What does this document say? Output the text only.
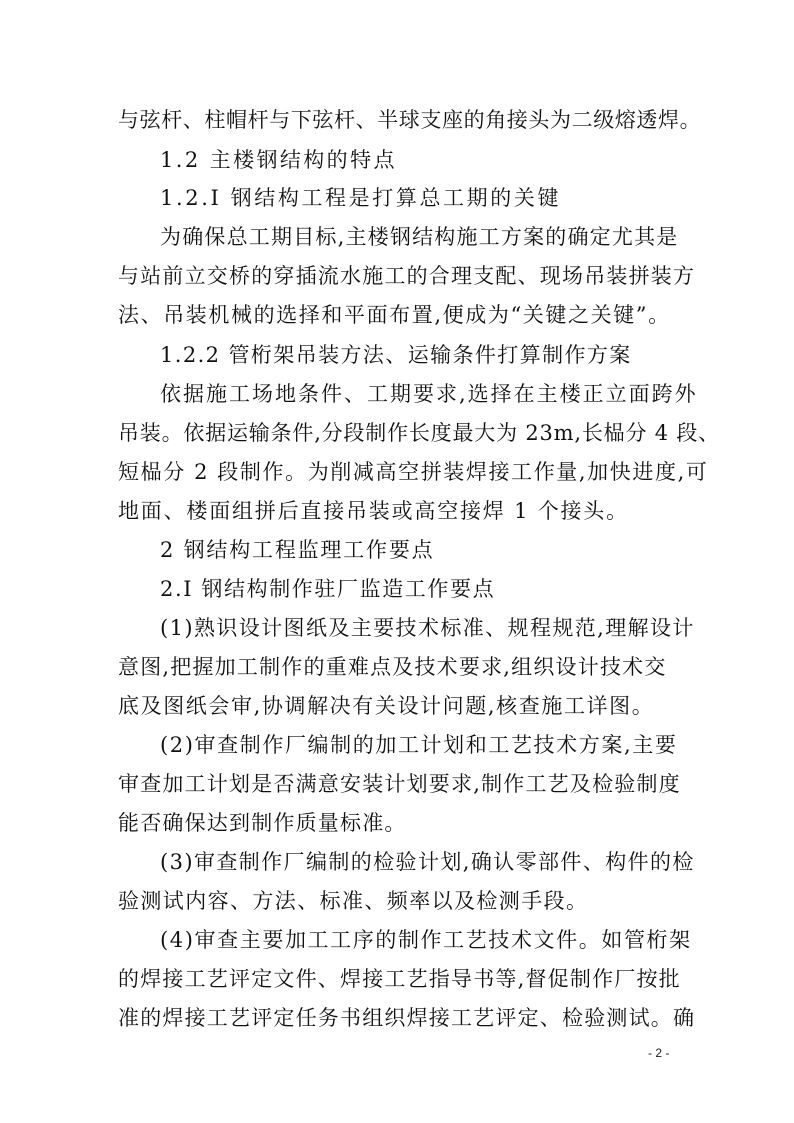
与弦杆、柱帽杆与下弦杆、半球支座的角接头为二级熔透焊。
1.2 主楼钢结构的特点
1.2.I 钢结构工程是打算总工期的关键
为确保总工期目标,主楼钢结构施工方案的确定尤其是
与站前立交桥的穿插流水施工的合理支配、现场吊装拼装方
法、吊装机械的选择和平面布置,便成为“关键之关键”。
1.2.2 管桁架吊装方法、运输条件打算制作方案
依据施工场地条件、工期要求,选择在主楼正立面跨外
吊装。依据运输条件,分段制作长度最大为 23m,长榀分 4 段、
短榀分 2 段制作。为削减高空拼装焊接工作量,加快进度,可
地面、楼面组拼后直接吊装或高空接焊 1 个接头。
2 钢结构工程监理工作要点
2.I 钢结构制作驻厂监造工作要点
(1)熟识设计图纸及主要技术标准、规程规范,理解设计
意图,把握加工制作的重难点及技术要求,组织设计技术交
底及图纸会审,协调解决有关设计问题,核查施工详图。
(2)审查制作厂编制的加工计划和工艺技术方案,主要
审查加工计划是否满意安装计划要求,制作工艺及检验制度
能否确保达到制作质量标准。
(3)审查制作厂编制的检验计划,确认零部件、构件的检
验测试内容、方法、标准、频率以及检测手段。
(4)审查主要加工工序的制作工艺技术文件。如管桁架
的焊接工艺评定文件、焊接工艺指导书等,督促制作厂按批
准的焊接工艺评定任务书组织焊接工艺评定、检验测试。确
- 2 -
